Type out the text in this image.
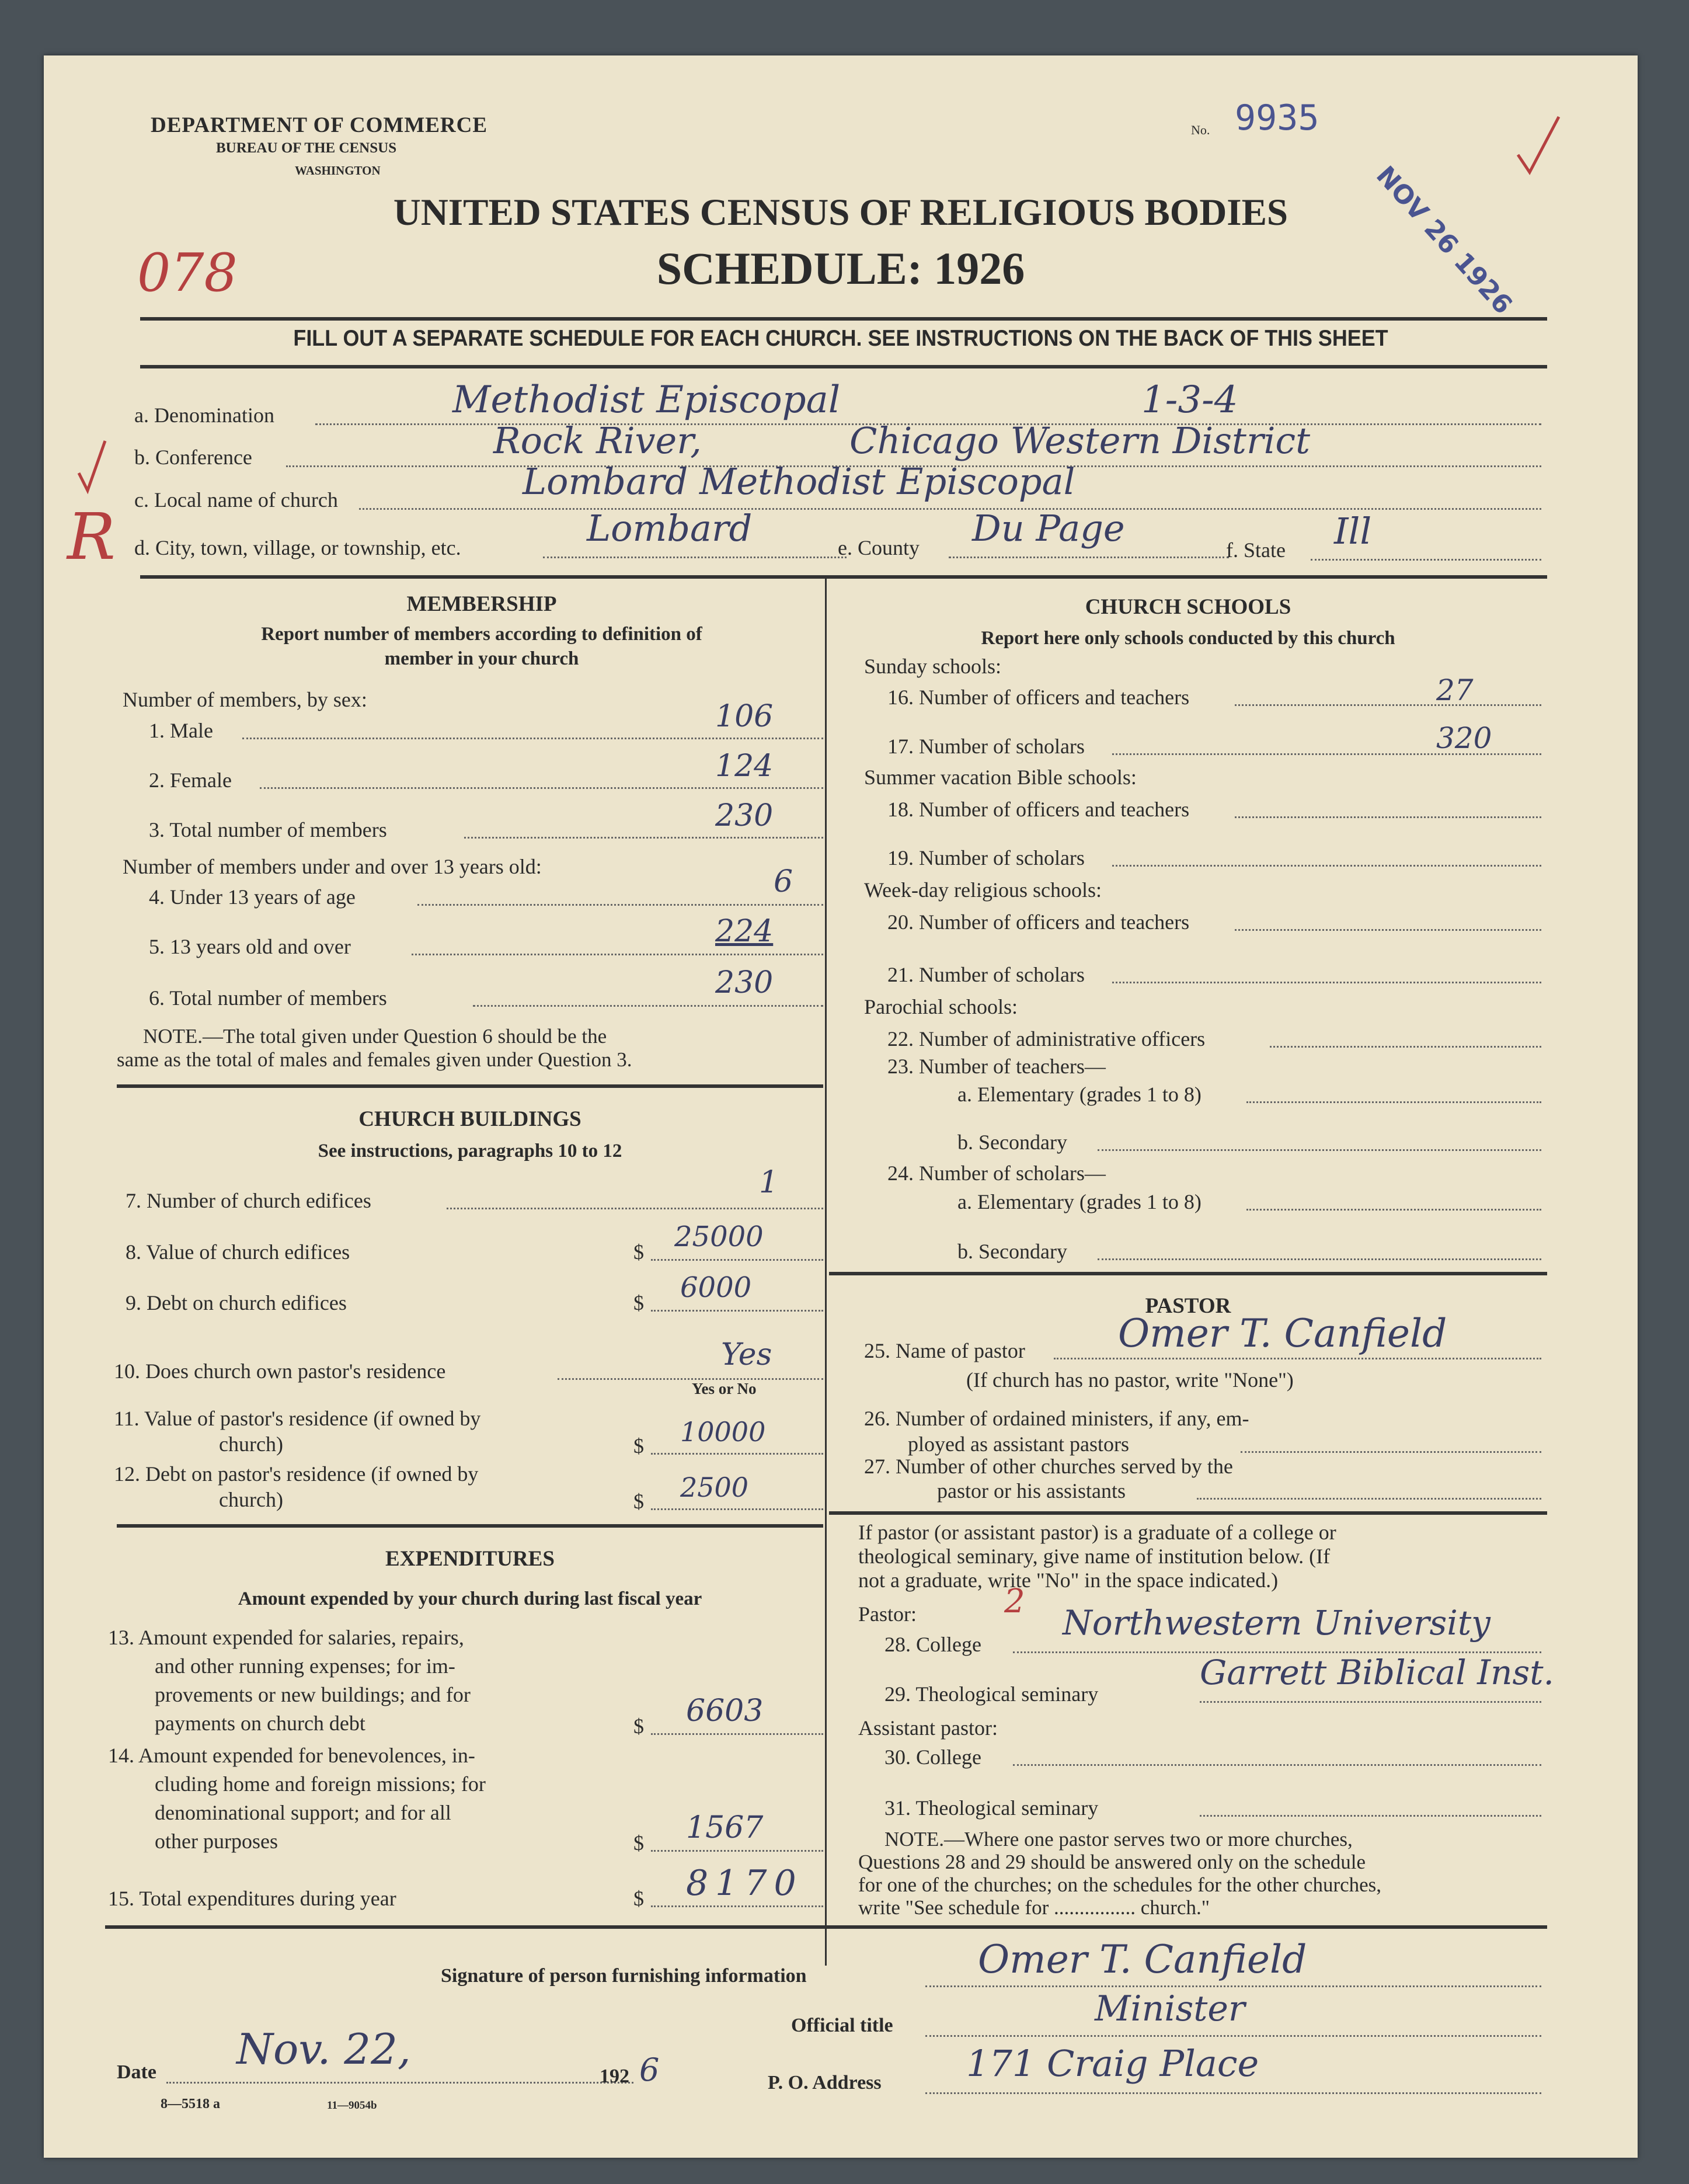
DEPARTMENT OF COMMERCE
BUREAU OF THE CENSUS
WASHINGTON
No. 9935
NOV 26 1926
UNITED STATES CENSUS OF RELIGIOUS BODIES
SCHEDULE: 1926
078
FILL OUT A SEPARATE SCHEDULE FOR EACH CHURCH. SEE INSTRUCTIONS ON THE BACK OF THIS SHEET
a. Denomination	Methodist Episcopal	1-3-4
b. Conference	Rock River,	Chicago Western District
c. Local name of church	Lombard Methodist Episcopal
R d. City, town, village, or township, etc.	Lombard	e. County Du Page
f. State Ill
MEMBERSHIP
Report number of members according to definition of
member in your church
Number of members, by sex:
1. Male	106
2. Female	124
3. Total number of members	230
Number of members under and over 13 years old:
4. Under 13 years of age	6
5. 13 years old and over	224
6. Total number of members	230
NOTE.—The total given under Question 6 should be the
same as the total of males and females given under Question 3.
CHURCH BUILDINGS
See instructions, paragraphs 10 to 12
7. Number of church edifices
1
8. Value of church edifices	$ 25000
9. Debt on church edifices	$ 6000
10. Does church own pastor's residence	Yes
Yes or No
11. Value of pastor's residence (if owned by
church)	$ 10000
12. Debt on pastor's residence (if owned by
church)	$ 2500
EXPENDITURES
Amount expended by your church during last fiscal year
13. Amount expended for salaries, repairs,
and other running expenses; for im-
provements or new buildings; and for
payments on church debt	$ 6603
14. Amount expended for benevolences, in-
cluding home and foreign missions; for
denominational support; and for all
other purposes	$ 1567
15. Total expenditures during year	$ 8170
CHURCH SCHOOLS
Report here only schools conducted by this church
Sunday schools:
16. Number of officers and teachers	27
17. Number of scholars	320
Summer vacation Bible schools:
18. Number of officers and teachers
19. Number of scholars
Week-day religious schools:
20. Number of officers and teachers
21. Number of scholars
Parochial schools:
22. Number of administrative officers
23. Number of teachers—
a. Elementary (grades 1 to 8)
b. Secondary
24. Number of scholars—
a. Elementary (grades 1 to 8)
b. Secondary
PASTOR
25. Name of pastor Omer T. Canfield
(If church has no pastor, write "None")
26. Number of ordained ministers, if any, em-
ployed as assistant pastors
27. Number of other churches served by the
pastor or his assistants
If pastor (or assistant pastor) is a graduate of a college or
theological seminary, give name of institution below. (If
not a graduate, write "No" in the space indicated.)
Pastor:	2
28. College
Northwestern University
29. Theological seminary
Garrett Biblical Inst.
Assistant pastor:
30. College
31. Theological seminary
NOTE.—Where one pastor serves two or more churches,
Questions 28 and 29 should be answered only on the schedule
for one of the churches; on the schedules for the other churches,
write "See schedule for ................ church."
Signature of person furnishing information	Omer T. Canfield
Official title	Minister
Date Nov. 22,
192 6	P. O. Address 171 Craig Place
8—5518 a	11—9054b
